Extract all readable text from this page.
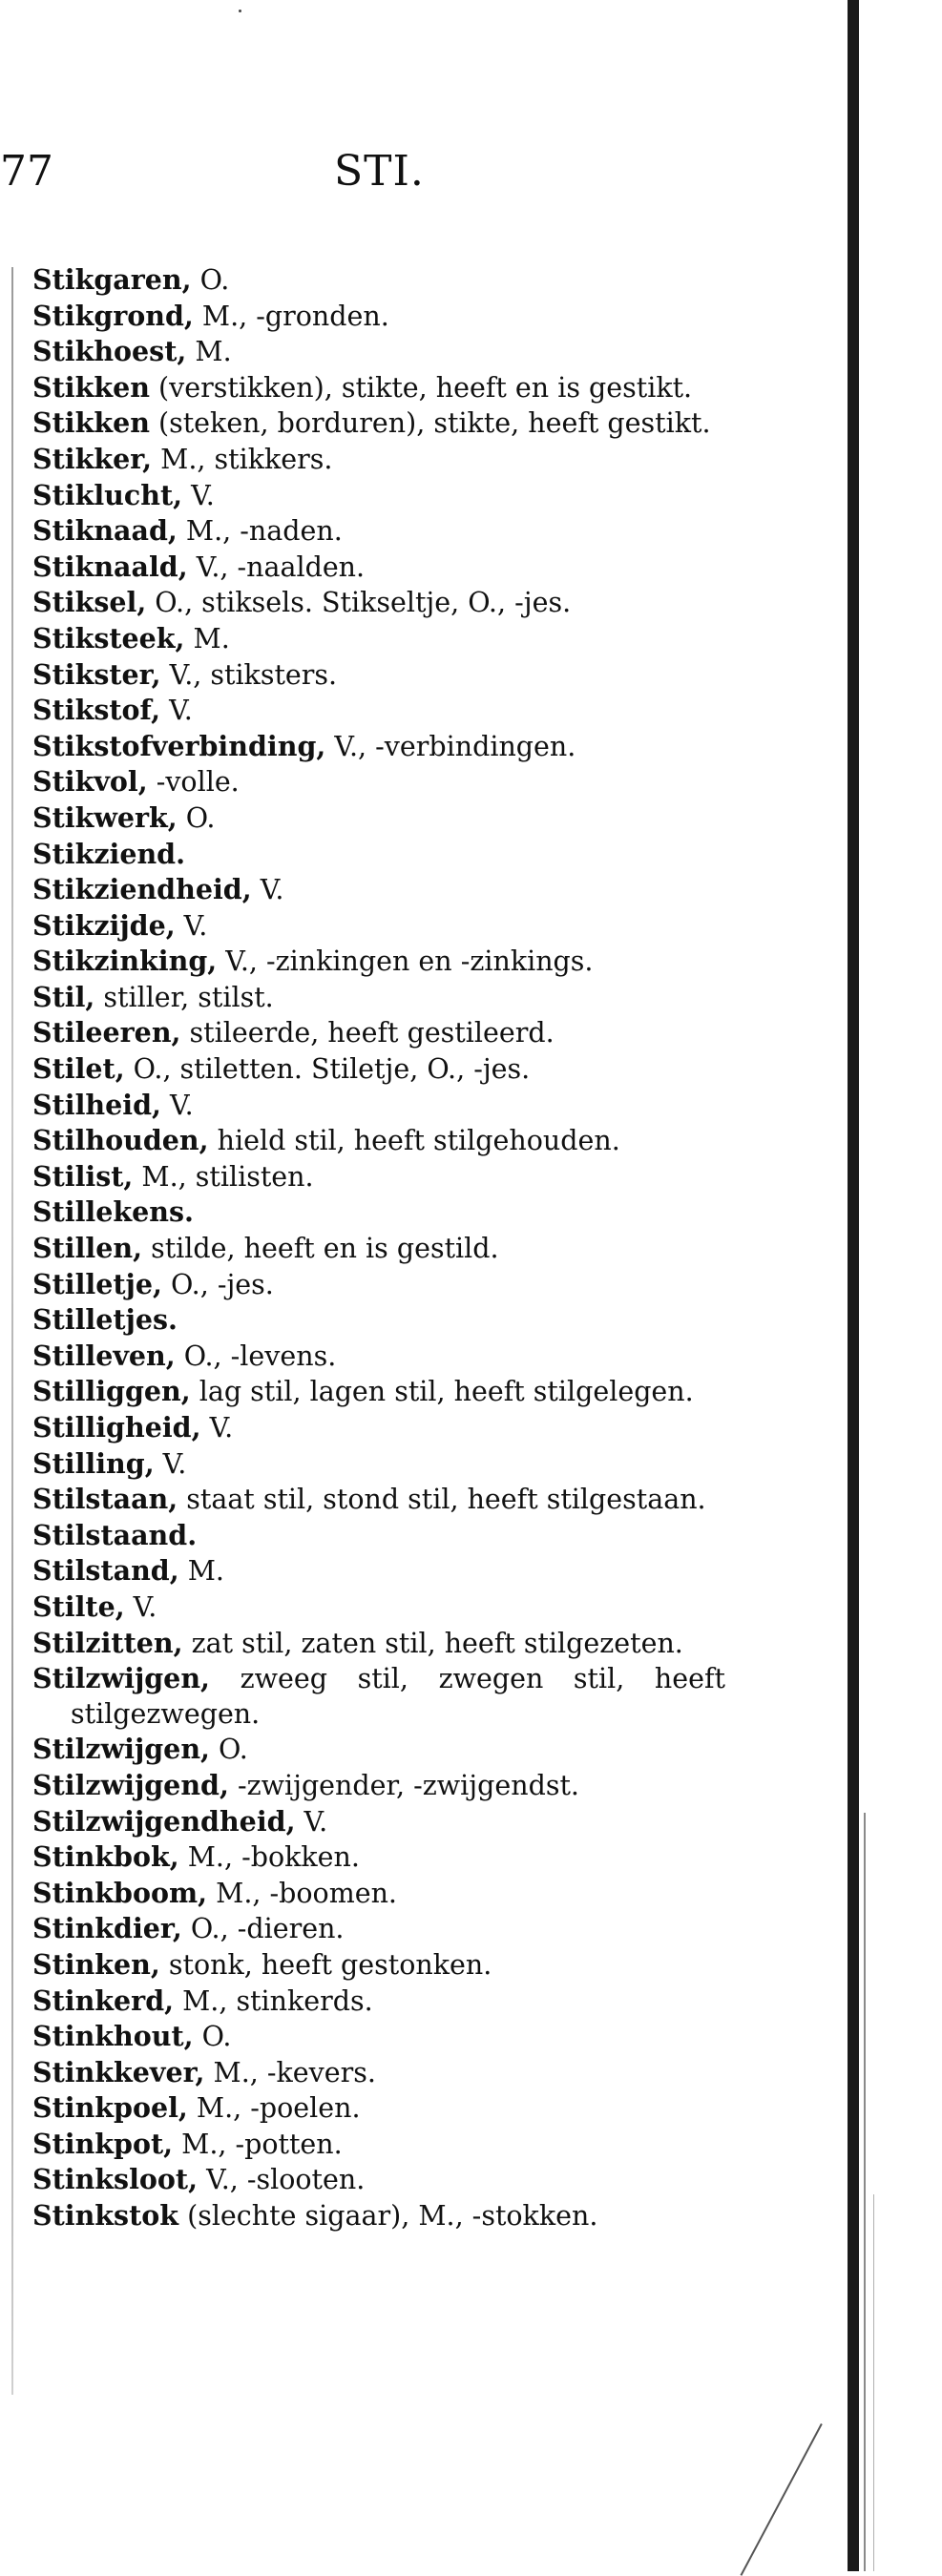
77	STI.
Stikgaren, O.
Stikgrond, M., -gronden.
Stikhoest, M.
Stikken (verstikken), stikte, heeft en is gestikt.
Stikken (steken, borduren), stikte, heeft gestikt.
Stikker, M., stikkers.
Stiklucht, V.
Stiknaad, M., -naden.
Stiknaald, V., -naalden.
Stiksel, O., stiksels. Stikseltje, O., -jes.
Stiksteek, M.
Stikster, V., stiksters.
Stikstof, V.
Stikstofverbinding, V., -verbindingen.
Stikvol, -volle.
Stikwerk, O.
Stikziend.
Stikziendheid, V.
Stikzijde, V.
Stikzinking, V., -zinkingen en -zinkings.
Stil, stiller, stilst.
Stileeren, stileerde, heeft gestileerd.
Stilet, O., stiletten. Stiletje, O., -jes.
Stilheid, V.
Stilhouden, hield stil, heeft stilgehouden.
Stilist, M., stilisten.
Stillekens.
Stillen, stilde, heeft en is gestild.
Stilletje, O., -jes.
Stilletjes.
Stilleven, O., -levens.
Stilliggen, lag stil, lagen stil, heeft stilgelegen.
Stilligheid, V.
Stilling, V.
Stilstaan, staat stil, stond stil, heeft stilgestaan.
Stilstaand.
Stilstand, M.
Stilte, V.
Stilzitten, zat stil, zaten stil, heeft stilgezeten.
Stilzwijgen, zweeg stil, zwegen stil, heeft stilgezwegen.
Stilzwijgen, O.
Stilzwijgend, -zwijgender, -zwijgendst.
Stilzwijgendheid, V.
Stinkbok, M., -bokken.
Stinkboom, M., -boomen.
Stinkdier, O., -dieren.
Stinken, stonk, heeft gestonken.
Stinkerd, M., stinkerds.
Stinkhout, O.
Stinkkever, M., -kevers.
Stinkpoel, M., -poelen.
Stinkpot, M., -potten.
Stinksloot, V., -slooten.
Stinkstok (slechte sigaar), M., -stokken.
